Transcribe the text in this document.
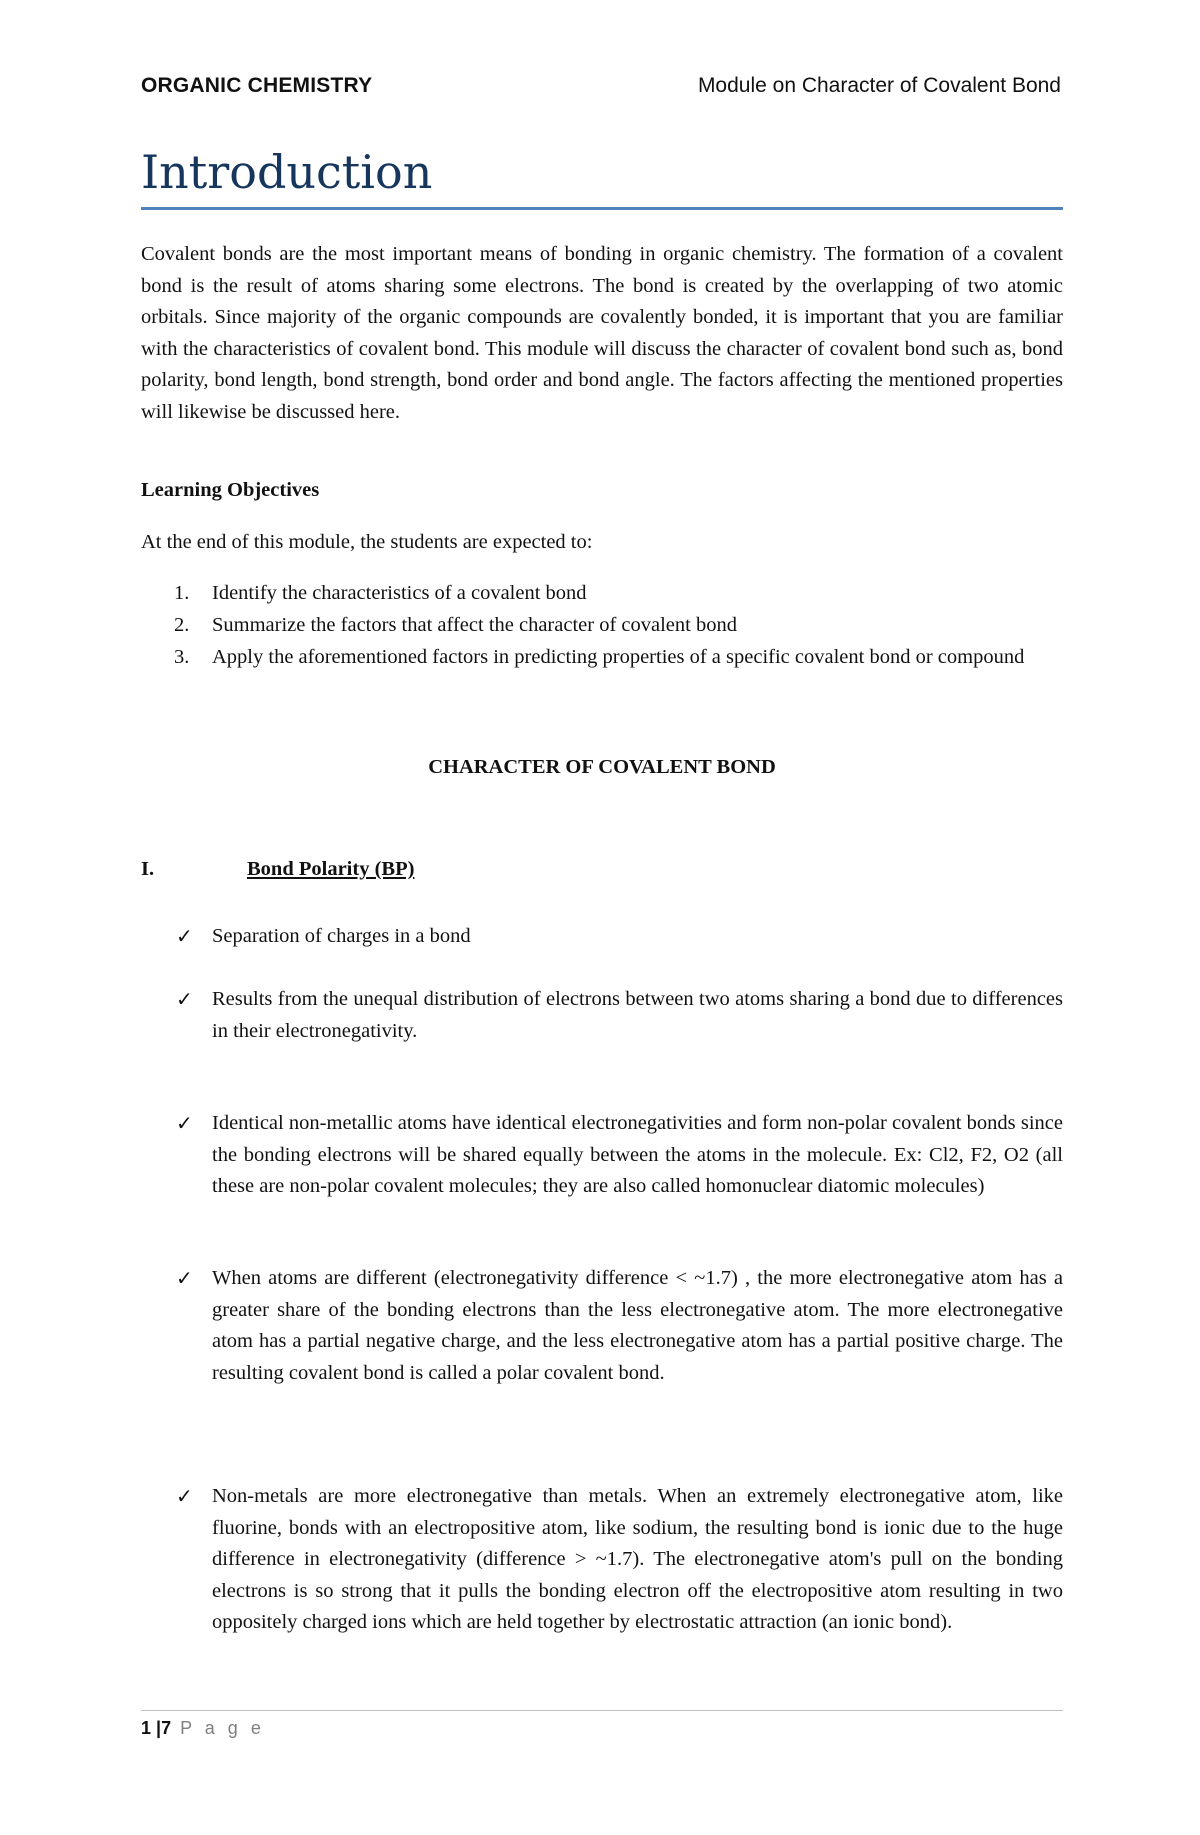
ORGANIC CHEMISTRY	Module on Character of Covalent Bond
Introduction

Covalent bonds are the most important means of bonding in organic chemistry. The formation of a covalent bond is the result of atoms sharing some electrons. The bond is created by the overlapping of two atomic orbitals. Since majority of the organic compounds are covalently bonded, it is important that you are familiar with the characteristics of covalent bond. This module will discuss the character of covalent bond such as, bond polarity, bond length, bond strength, bond order and bond angle. The factors affecting the mentioned properties will likewise be discussed here.

Learning Objectives
At the end of this module, the students are expected to:
1.	Identify the characteristics of a covalent bond
2.	Summarize the factors that affect the character of covalent bond
3.	Apply the aforementioned factors in predicting properties of a specific covalent bond or compound
CHARACTER OF COVALENT BOND
I.	Bond Polarity (BP)
✓ Separation of charges in a bond
✓ Results from the unequal distribution of electrons between two atoms sharing a bond due to differences in their electronegativity.
✓ Identical non-metallic atoms have identical electronegativities and form non-polar covalent bonds since the bonding electrons will be shared equally between the atoms in the molecule. Ex: Cl2, F2, O2 (all these are non-polar covalent molecules; they are also called homonuclear diatomic molecules)
✓ When atoms are different (electronegativity difference < ~1.7) , the more electronegative atom has a greater share of the bonding electrons than the less electronegative atom. The more electronegative atom has a partial negative charge, and the less electronegative atom has a partial positive charge. The resulting covalent bond is called a polar covalent bond.
✓ Non-metals are more electronegative than metals. When an extremely electronegative atom, like fluorine, bonds with an electropositive atom, like sodium, the resulting bond is ionic due to the huge difference in electronegativity (difference > ~1.7). The electronegative atom's pull on the bonding electrons is so strong that it pulls the bonding electron off the electropositive atom resulting in two oppositely charged ions which are held together by electrostatic attraction (an ionic bond).
1 |7 P a g e
